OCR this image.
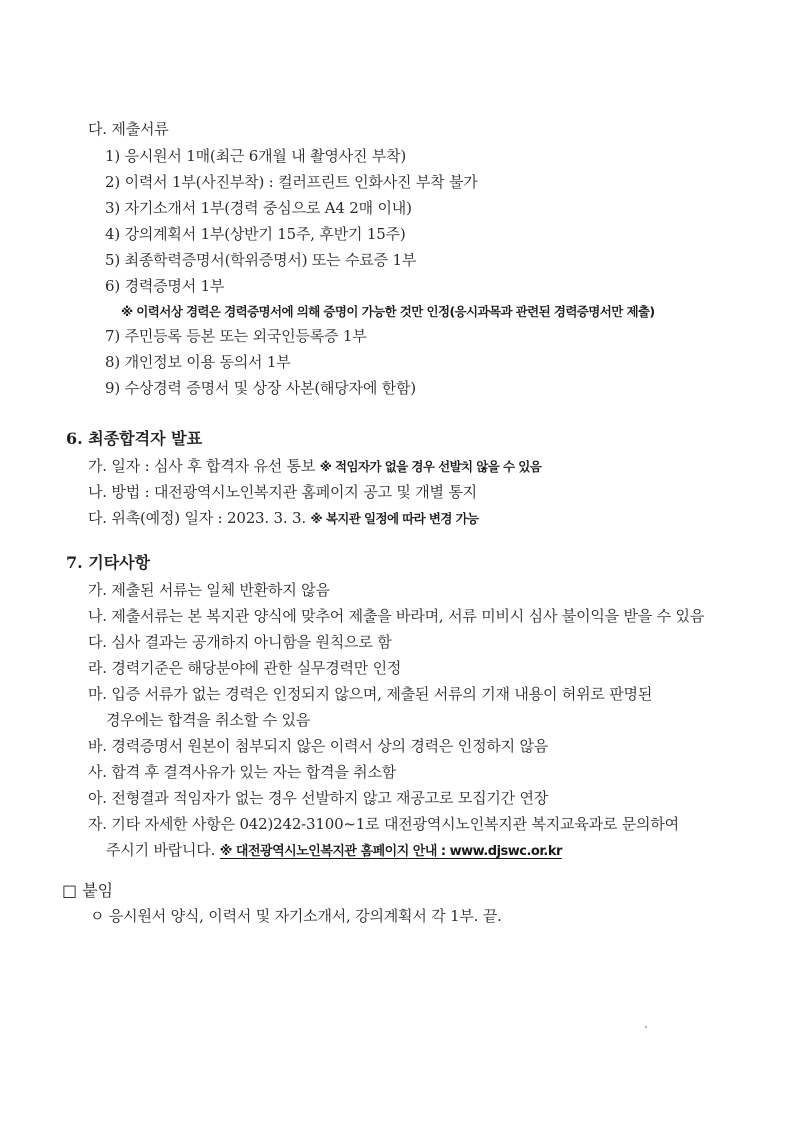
다. 제출서류
1) 응시원서 1매(최근 6개월 내 촬영사진 부착)
2) 이력서 1부(사진부착) : 컬러프린트 인화사진 부착 불가
3) 자기소개서 1부(경력 중심으로 A4 2매 이내)
4) 강의계획서 1부(상반기 15주, 후반기 15주)
5) 최종학력증명서(학위증명서) 또는 수료증 1부
6) 경력증명서 1부
※ 이력서상 경력은 경력증명서에 의해 증명이 가능한 것만 인정(응시과목과 관련된 경력증명서만 제출)
7) 주민등록 등본 또는 외국인등록증 1부
8) 개인정보 이용 동의서 1부
9) 수상경력 증명서 및 상장 사본(해당자에 한함)
6. 최종합격자 발표
가. 일자 : 심사 후 합격자 유선 통보 ※ 적임자가 없을 경우 선발치 않을 수 있음
나. 방법 : 대전광역시노인복지관 홈페이지 공고 및 개별 통지
다. 위촉(예정) 일자 : 2023. 3. 3. ※ 복지관 일정에 따라 변경 가능
7. 기타사항
가. 제출된 서류는 일체 반환하지 않음
나. 제출서류는 본 복지관 양식에 맞추어 제출을 바라며, 서류 미비시 심사 불이익을 받을 수 있음
다. 심사 결과는 공개하지 아니함을 원칙으로 함
라. 경력기준은 해당분야에 관한 실무경력만 인정
마. 입증 서류가 없는 경력은 인정되지 않으며, 제출된 서류의 기재 내용이 허위로 판명된
경우에는 합격을 취소할 수 있음
바. 경력증명서 원본이 첨부되지 않은 이력서 상의 경력은 인정하지 않음
사. 합격 후 결격사유가 있는 자는 합격을 취소함
아. 전형결과 적임자가 없는 경우 선발하지 않고 재공고로 모집기간 연장
자. 기타 자세한 사항은 042)242-3100~1로 대전광역시노인복지관 복지교육과로 문의하여
주시기 바랍니다. ※ 대전광역시노인복지관 홈페이지 안내 : www.djswc.or.kr
□ 붙임
ㅇ 응시원서 양식, 이력서 및 자기소개서, 강의계획서 각 1부. 끝.
